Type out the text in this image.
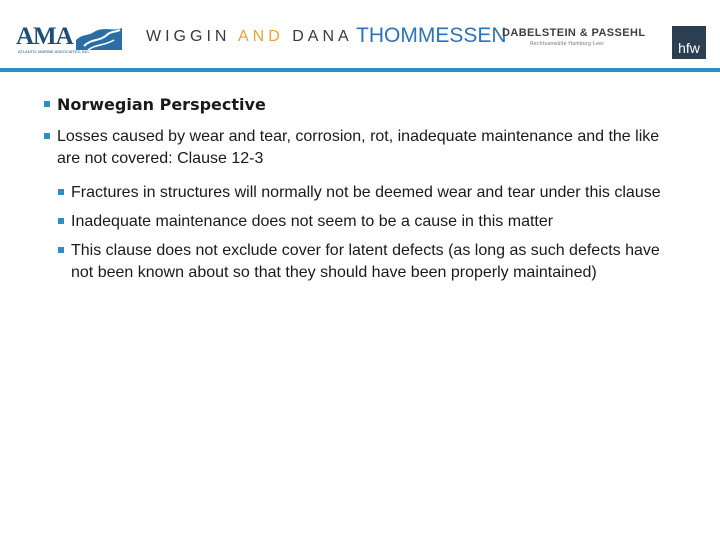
AMA
ATLANTIC MARINE ASSOCIATES, INC.
WIGGIN AND DANA THOMMESSEN
DABELSTEIN & PASSEHL
Rechtsanwälte Hamburg·Leer	hfw
Norwegian Perspective
Losses caused by wear and tear, corrosion, rot, inadequate maintenance and the like are not covered: Clause 12-3
Fractures in structures will normally not be deemed wear and tear under this clause
Inadequate maintenance does not seem to be a cause in this matter
This clause does not exclude cover for latent defects (as long as such defects have not been known about so that they should have been properly maintained)
